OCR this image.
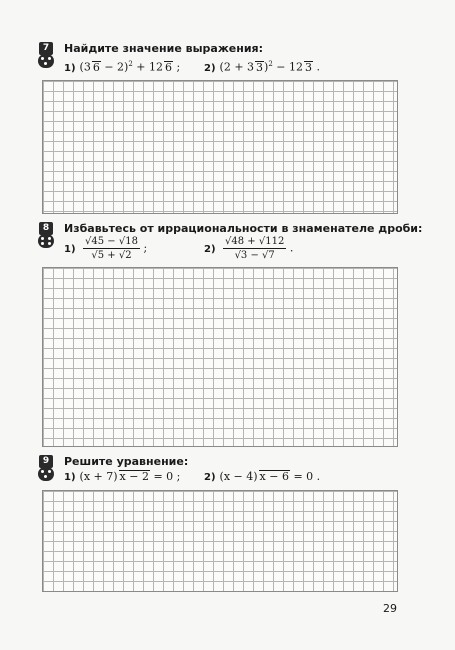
7	Найдите значение выражения:
1) (3 6 − 2)$^2$ + 12 6 ; 2) (2 + 3 3)$^2$ − 12 3 .
8	Избавьтесь от иррациональности в знаменателе дроби:
$1) \frac{√45 - √18}{√5 + √2}$ ;	$2) \frac{√48 + √112}{√3 - √7}$ .
9	Решите уравнение:
1) (x + 7) x − 2 = 0 ; 2) (x − 4) x − 6 = 0 .
29
